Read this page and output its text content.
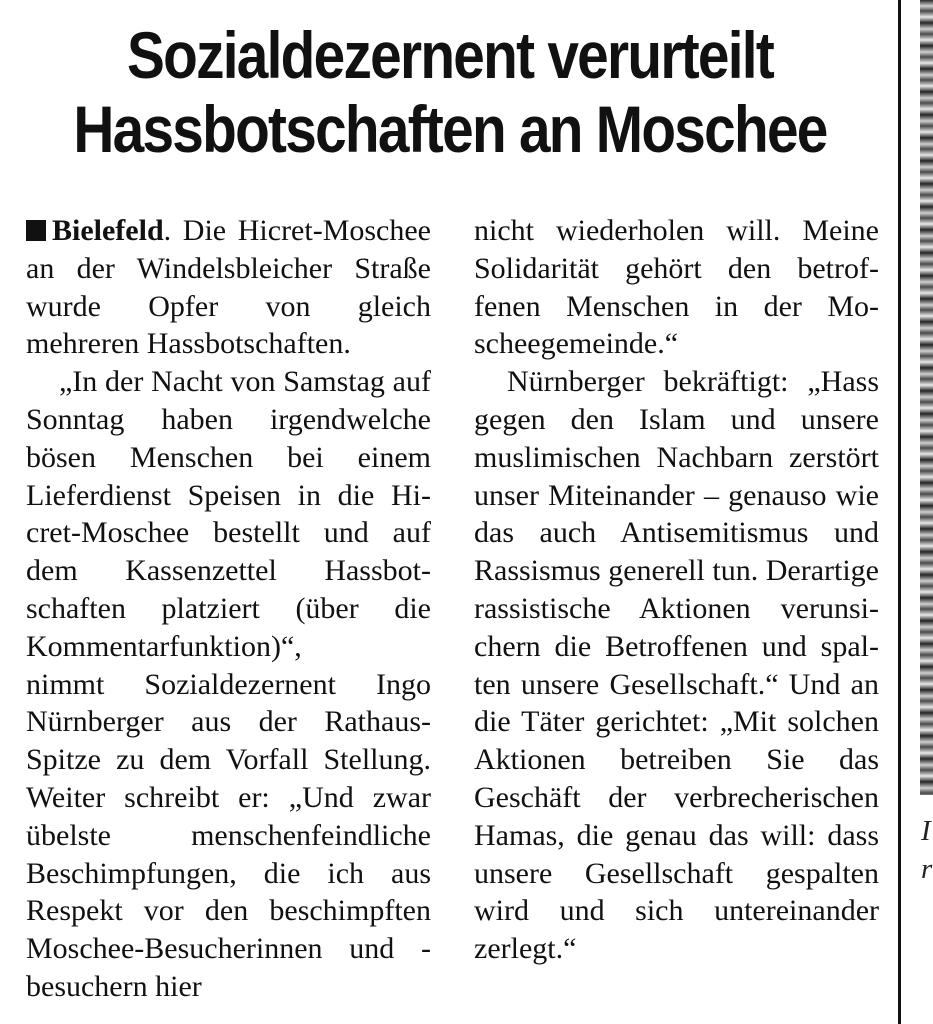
Sozialdezernent verurteilt
Hassbotschaften an Moschee

Bielefeld. Die Hicret-Moschee an der Windelsbleicher Straße wurde Opfer von gleich mehreren Hassbotschaften.

„In der Nacht von Samstag auf Sonntag haben irgendwelche bösen Menschen bei einem Lieferdienst Speisen in die Hicret-Moschee bestellt und auf dem Kassenzettel Hassbotschaften platziert (über die Kommentarfunktion)“,

nimmt Sozialdezernent Ingo Nürnberger aus der Rathaus-Spitze zu dem Vorfall Stellung. Weiter schreibt er: „Und zwar übelste menschenfeindliche Beschimpfungen, die ich aus Respekt vor den beschimpften Moschee-Besucherinnen und -besuchern hier

nicht wiederholen will. Meine Solidarität gehört den betroffenen Menschen in der Moscheegemeinde.“

Nürnberger bekräftigt: „Hass gegen den Islam und unsere muslimischen Nachbarn zerstört unser Miteinander – genauso wie das auch Antisemitismus und Rassismus generell tun. Derartige rassistische Aktionen verunsichern die Betroffenen und spalten unsere Gesellschaft.“ Und an die Täter gerichtet: „Mit solchen Aktionen betreiben Sie das Geschäft der verbrecherischen Hamas, die genau das will: dass unsere Gesellschaft gespalten wird und sich untereinander zerlegt.“

I
r
